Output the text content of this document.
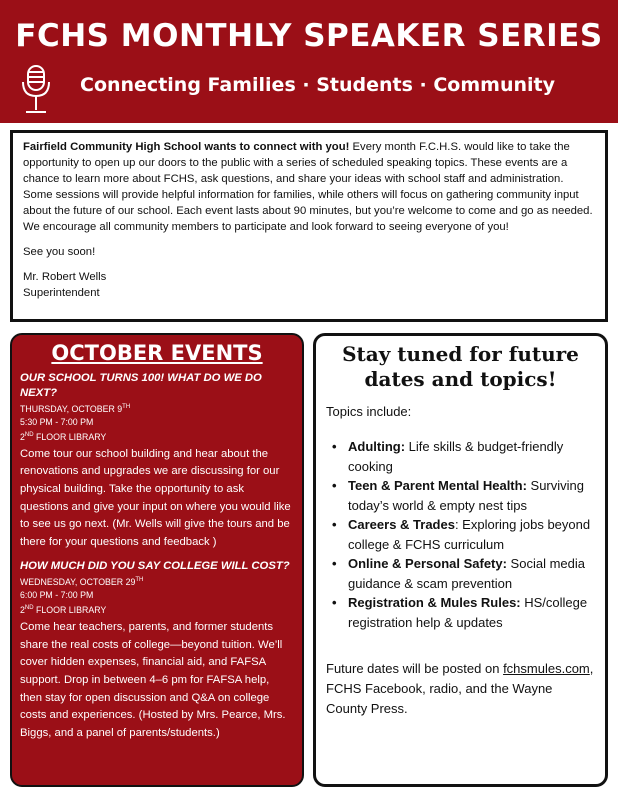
FCHS MONTHLY SPEAKER SERIES
Connecting Families · Students · Community

Fairfield Community High School wants to connect with you! Every month F.C.H.S. would like to take the opportunity to open up our doors to the public with a series of scheduled speaking topics. These events are a chance to learn more about FCHS, ask questions, and share your ideas with school staff and administration. Some sessions will provide helpful information for families, while others will focus on gathering community input about the future of our school. Each event lasts about 90 minutes, but you’re welcome to come and go as needed. We encourage all community members to participate and look forward to seeing everyone of you!

See you soon!

Mr. Robert Wells

Superintendent

OCTOBER EVENTS
OUR SCHOOL TURNS 100! WHAT DO WE DO NEXT?
THURSDAY, OCTOBER 9TH
5:30 PM - 7:00 PM
2ND FLOOR LIBRARY
Come tour our school building and hear about the renovations and upgrades we are discussing for our physical building. Take the opportunity to ask questions and give your input on where you would like to see us go next. (Mr. Wells will give the tours and be there for your questions and feedback )
HOW MUCH DID YOU SAY COLLEGE WILL COST?
WEDNESDAY, OCTOBER 29TH
6:00 PM - 7:00 PM
2ND FLOOR LIBRARY
Come hear teachers, parents, and former students share the real costs of college—beyond tuition. We’ll cover hidden expenses, financial aid, and FAFSA support. Drop in between 4–6 pm for FAFSA help, then stay for open discussion and Q&A on college costs and experiences. (Hosted by Mrs. Pearce, Mrs. Biggs, and a panel of parents/students.)
Stay tuned for future
dates and topics!
Topics include:
• Adulting: Life skills & budget-friendly cooking
• Teen & Parent Mental Health: Surviving today’s world & empty nest tips
• Careers & Trades: Exploring jobs beyond college & FCHS curriculum
• Online & Personal Safety: Social media guidance & scam prevention
• Registration & Mules Rules: HS/college registration help & updates
Future dates will be posted on fchsmules.com, FCHS Facebook, radio, and the Wayne County Press.
